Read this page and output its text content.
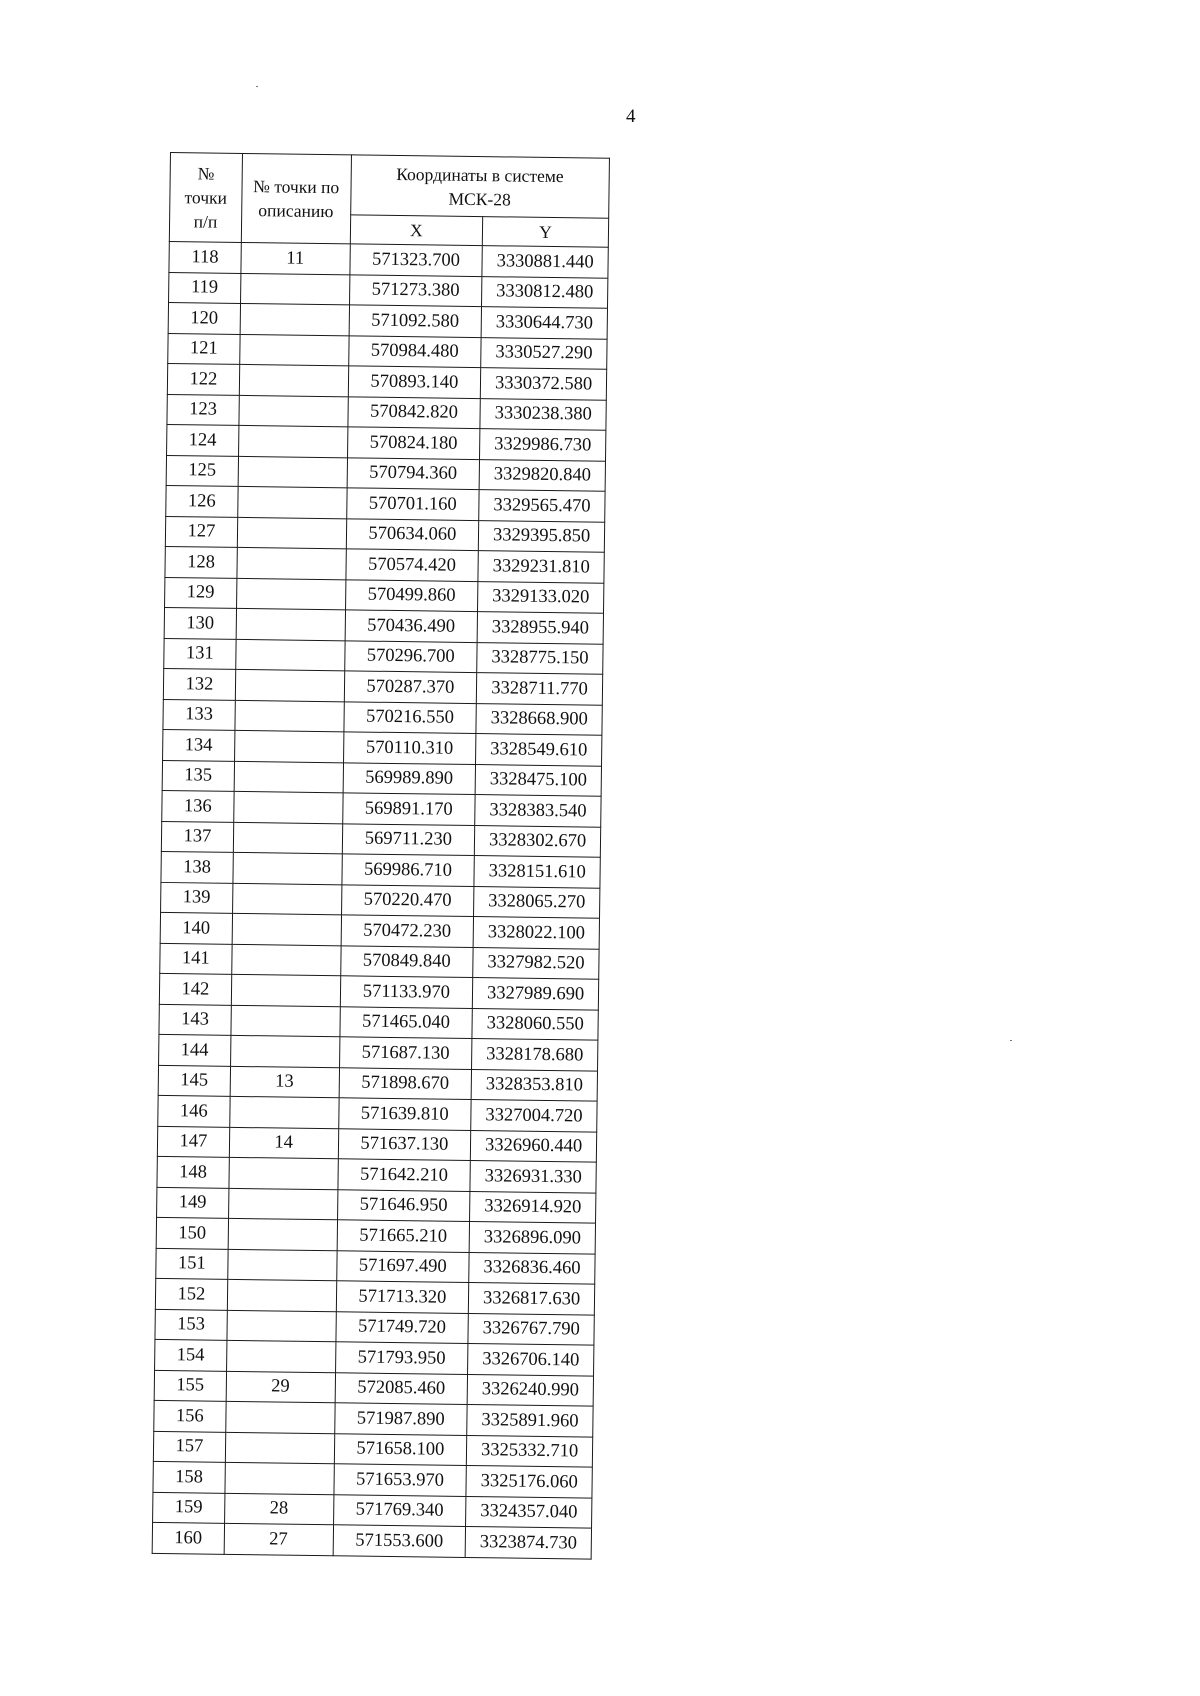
4
№ точки п/п	№ точки по описанию	Координаты в системе МСК-28	
		X	Y
118	11	571323.700	3330881.440
119		571273.380	3330812.480
120		571092.580	3330644.730
121		570984.480	3330527.290
122		570893.140	3330372.580
123		570842.820	3330238.380
124		570824.180	3329986.730
125		570794.360	3329820.840
126		570701.160	3329565.470
127		570634.060	3329395.850
128		570574.420	3329231.810
129		570499.860	3329133.020
130		570436.490	3328955.940
131		570296.700	3328775.150
132		570287.370	3328711.770
133		570216.550	3328668.900
134		570110.310	3328549.610
135		569989.890	3328475.100
136		569891.170	3328383.540
137		569711.230	3328302.670
138		569986.710	3328151.610
139		570220.470	3328065.270
140		570472.230	3328022.100
141		570849.840	3327982.520
142		571133.970	3327989.690
143		571465.040	3328060.550
144		571687.130	3328178.680
145	13	571898.670	3328353.810
146		571639.810	3327004.720
147	14	571637.130	3326960.440
148		571642.210	3326931.330
149		571646.950	3326914.920
150		571665.210	3326896.090
151		571697.490	3326836.460
152		571713.320	3326817.630
153		571749.720	3326767.790
154		571793.950	3326706.140
155	29	572085.460	3326240.990
156		571987.890	3325891.960
157		571658.100	3325332.710
158		571653.970	3325176.060
159	28	571769.340	3324357.040
160	27	571553.600	3323874.730
